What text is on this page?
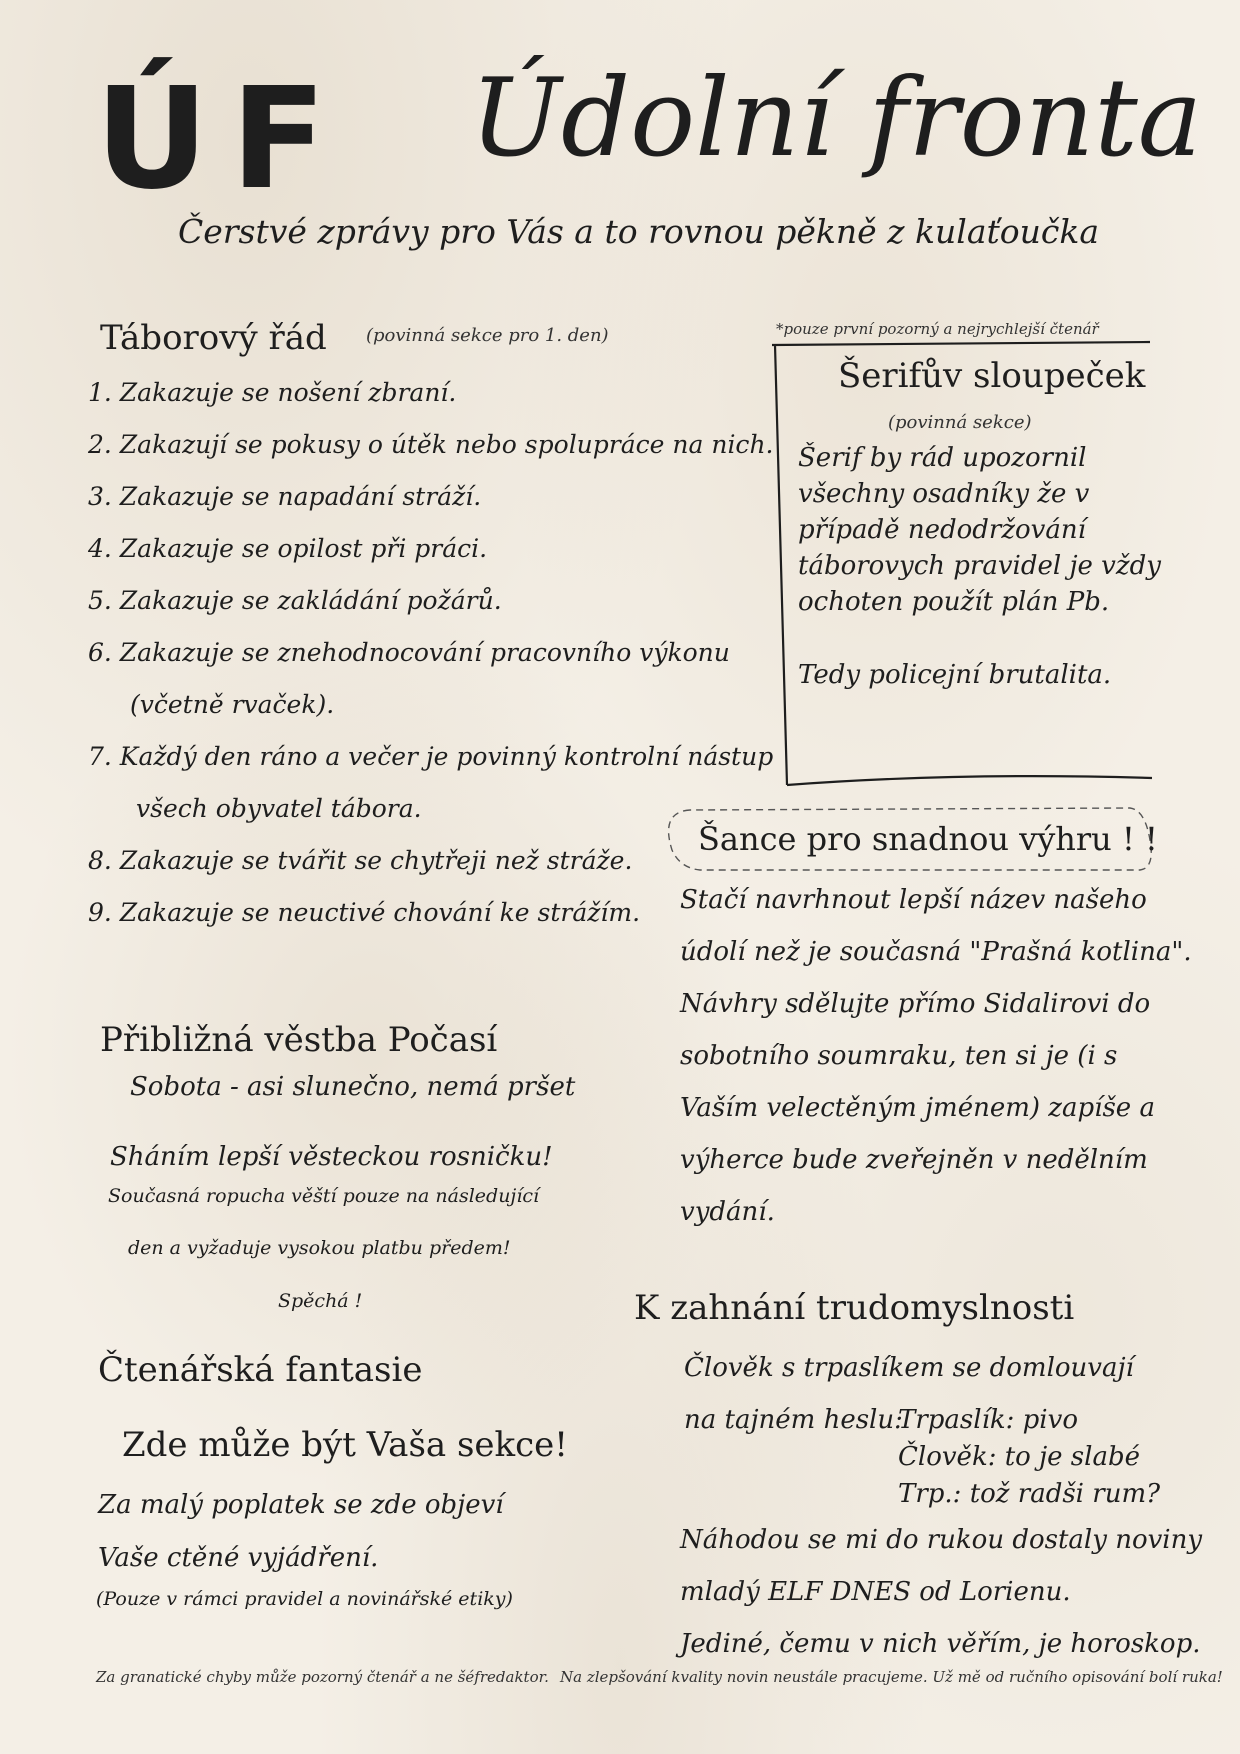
ÚF Údolní fronta
Čerstvé zprávy pro Vás a to rovnou pěkně z kulaťoučka
Táborový řád (povinná sekce pro 1. den)
1. Zakazuje se nošení zbraní.
2. Zakazují se pokusy o útěk nebo spolupráce na nich.
3. Zakazuje se napadání stráží.
4. Zakazuje se opilost při práci.
5. Zakazuje se zakládání požárů.
6. Zakazuje se znehodnocování pracovního výkonu
(včetně rvaček).
7. Každý den ráno a večer je povinný kontrolní nástup
všech obyvatel tábora.
8. Zakazuje se tvářit se chytřeji než stráže.
9. Zakazuje se neuctivé chování ke strážím.
*pouze první pozorný a nejrychlejší čtenář
Šerifův sloupeček
(povinná sekce)
Šerif by rád upozornil
všechny osadníky že v
případě nedodržování
táborovych pravidel je vždy
ochoten použít plán Pb.
Tedy policejní brutalita.
Šance pro snadnou výhru ! !
Stačí navrhnout lepší název našeho
údolí než je současná "Prašná kotlina".
Návhry sdělujte přímo Sidalirovi do
sobotního soumraku, ten si je (i s
Vaším velectěným jménem) zapíše a
výherce bude zveřejněn v nedělním
vydání.
Přibližná věstba Počasí
Sobota - asi slunečno, nemá pršet
Sháním lepší věsteckou rosničku!
Současná ropucha věští pouze na následující
den a vyžaduje vysokou platbu předem!
Spěchá !
Čtenářská fantasie
Zde může být Vaša sekce!
Za malý poplatek se zde objeví
Vaše ctěné vyjádření.
(Pouze v rámci pravidel a novinářské etiky)
K zahnání trudomyslnosti
Člověk s trpaslíkem se domlouvají
na tajném heslu:
Trpaslík: pivo
Člověk: to je slabé
Trp.: tož radši rum?
Náhodou se mi do rukou dostaly noviny
mladý ELF DNES od Lorienu.
Jediné, čemu v nich věřím, je horoskop.
Za granatické chyby může pozorný čtenář a ne šéfredaktor. Na zlepšování kvality novin neustále pracujeme. Už mě od ručního opisování bolí ruka!
